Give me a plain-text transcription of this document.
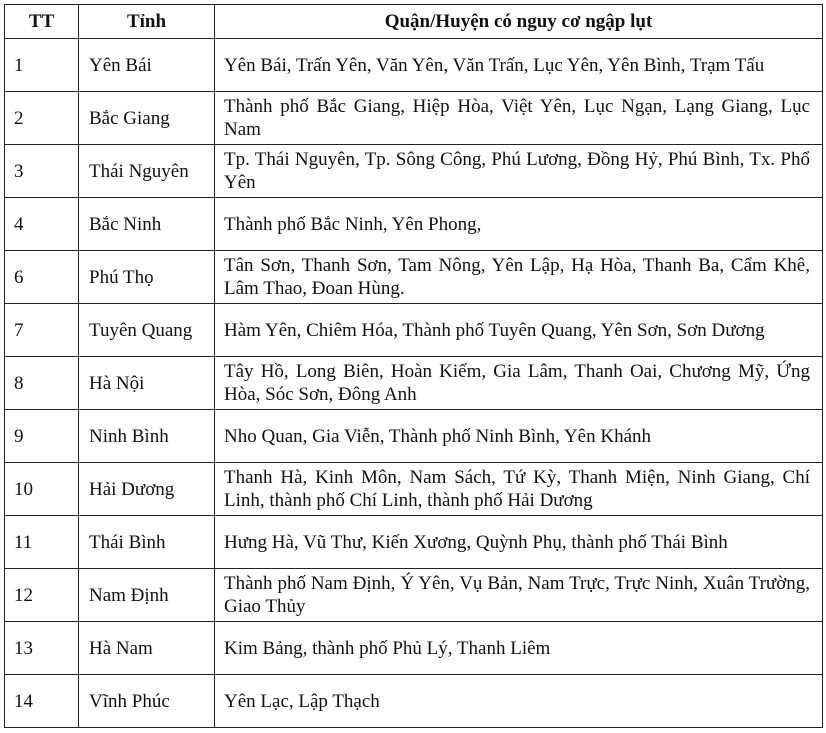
TT	Tỉnh	Quận/Huyện có nguy cơ ngập lụt
1	Yên Bái	Yên Bái, Trấn Yên, Văn Yên, Văn Trấn, Lục Yên, Yên Bình, Trạm Tấu
2	Bắc Giang	Thành phố Bắc Giang, Hiệp Hòa, Việt Yên, Lục Ngạn, Lạng Giang, Lục Nam
3	Thái Nguyên	Tp. Thái Nguyên, Tp. Sông Công, Phú Lương, Đồng Hỷ, Phú Bình, Tx. Phổ Yên
4	Bắc Ninh	Thành phố Bắc Ninh, Yên Phong,
6	Phú Thọ	Tân Sơn, Thanh Sơn, Tam Nông, Yên Lập, Hạ Hòa, Thanh Ba, Cẩm Khê, Lâm Thao, Đoan Hùng.
7	Tuyên Quang	Hàm Yên, Chiêm Hóa, Thành phố Tuyên Quang, Yên Sơn, Sơn Dương
8	Hà Nội	Tây Hồ, Long Biên, Hoàn Kiếm, Gia Lâm, Thanh Oai, Chương Mỹ, Ứng Hòa, Sóc Sơn, Đông Anh
9	Ninh Bình	Nho Quan, Gia Viễn, Thành phố Ninh Bình, Yên Khánh
10	Hải Dương	Thanh Hà, Kinh Môn, Nam Sách, Tứ Kỳ, Thanh Miện, Ninh Giang, Chí Linh, thành phố Chí Linh, thành phố Hải Dương
11	Thái Bình	Hưng Hà, Vũ Thư, Kiến Xương, Quỳnh Phụ, thành phố Thái Bình
12	Nam Định	Thành phố Nam Định, Ý Yên, Vụ Bản, Nam Trực, Trực Ninh, Xuân Trường, Giao Thủy
13	Hà Nam	Kim Bảng, thành phố Phủ Lý, Thanh Liêm
14	Vĩnh Phúc	Yên Lạc, Lập Thạch
